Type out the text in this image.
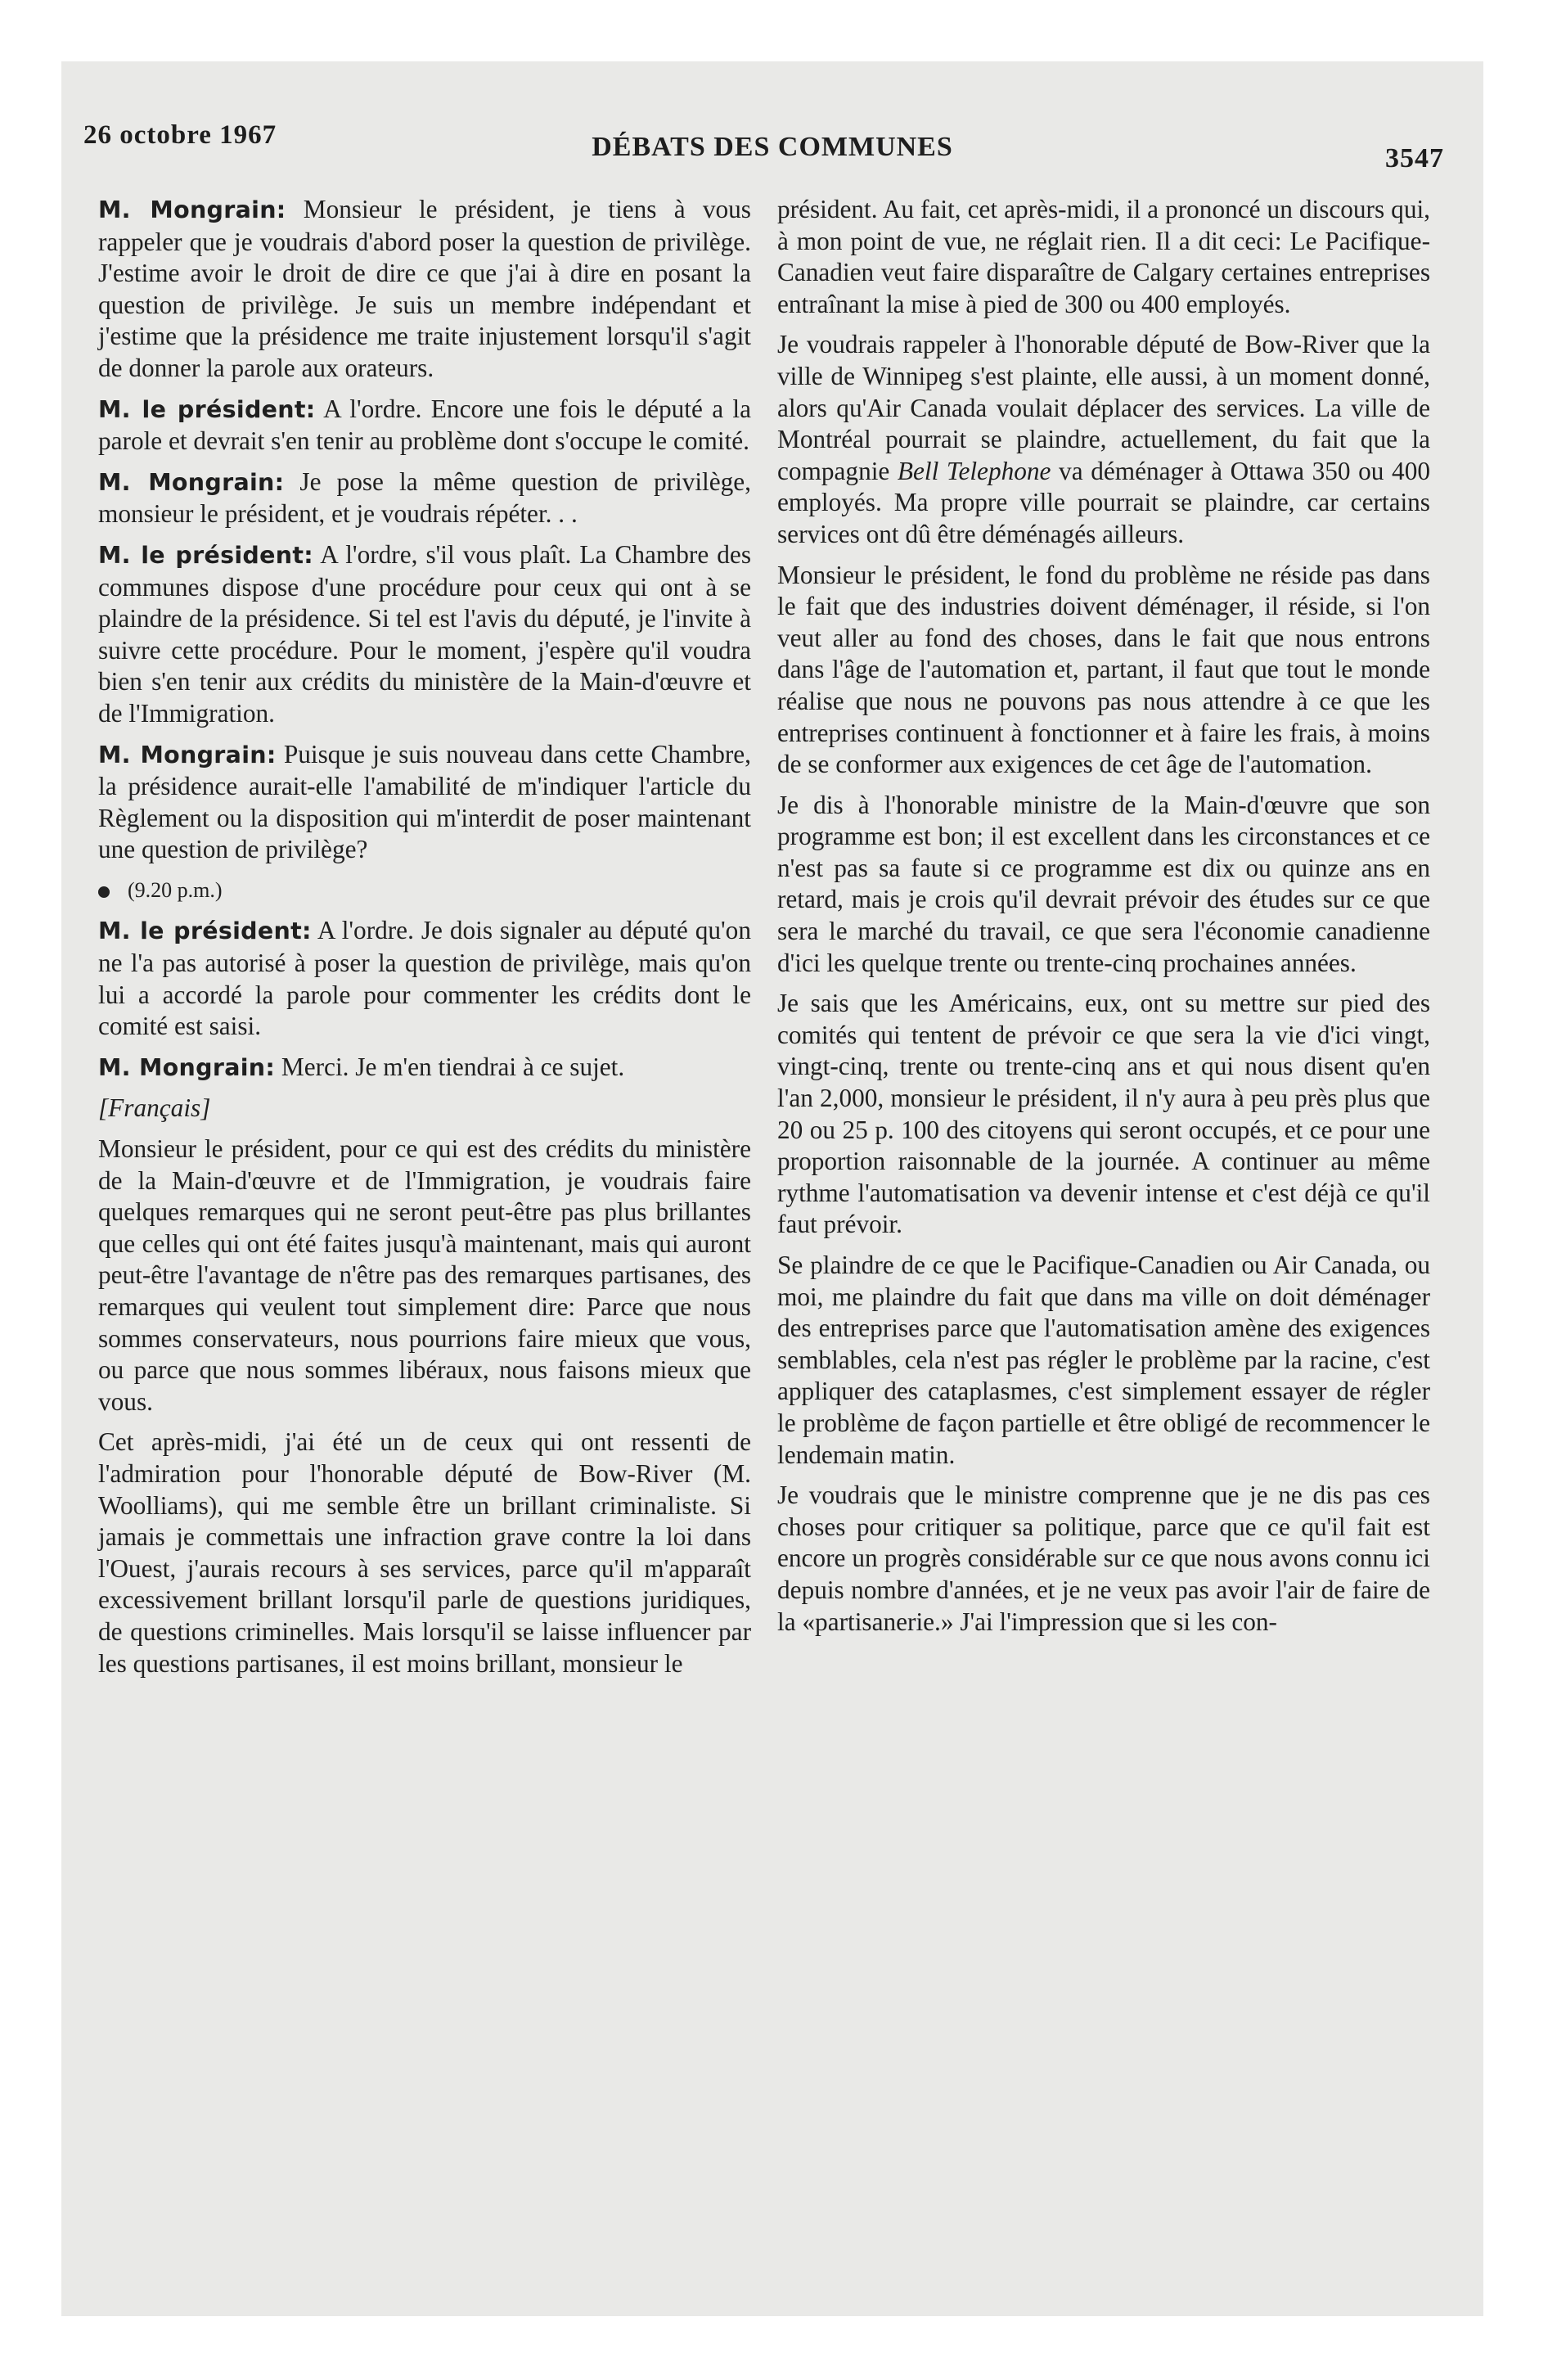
26 octobre 1967	DÉBATS DES COMMUNES	3547

M. Mongrain: Monsieur le président, je tiens à vous rappeler que je voudrais d'abord poser la question de privilège. J'estime avoir le droit de dire ce que j'ai à dire en posant la question de privilège. Je suis un membre indépendant et j'estime que la présidence me traite injustement lorsqu'il s'agit de donner la parole aux orateurs.

M. le président: A l'ordre. Encore une fois le député a la parole et devrait s'en tenir au problème dont s'occupe le comité.

M. Mongrain: Je pose la même question de privilège, monsieur le président, et je voudrais répéter. . .

M. le président: A l'ordre, s'il vous plaît. La Chambre des communes dispose d'une procédure pour ceux qui ont à se plaindre de la présidence. Si tel est l'avis du député, je l'invite à suivre cette procédure. Pour le moment, j'espère qu'il voudra bien s'en tenir aux crédits du ministère de la Main-d'œuvre et de l'Immigration.

M. Mongrain: Puisque je suis nouveau dans cette Chambre, la présidence aurait-elle l'amabilité de m'indiquer l'article du Règlement ou la disposition qui m'interdit de poser maintenant une question de privilège?

(9.20 p.m.)

M. le président: A l'ordre. Je dois signaler au député qu'on ne l'a pas autorisé à poser la question de privilège, mais qu'on lui a accordé la parole pour commenter les crédits dont le comité est saisi.

M. Mongrain: Merci. Je m'en tiendrai à ce sujet.

[Français]

Monsieur le président, pour ce qui est des crédits du ministère de la Main-d'œuvre et de l'Immigration, je voudrais faire quelques remarques qui ne seront peut-être pas plus brillantes que celles qui ont été faites jusqu'à maintenant, mais qui auront peut-être l'avantage de n'être pas des remarques partisanes, des remarques qui veulent tout simplement dire: Parce que nous sommes conservateurs, nous pourrions faire mieux que vous, ou parce que nous sommes libéraux, nous faisons mieux que vous.

Cet après-midi, j'ai été un de ceux qui ont ressenti de l'admiration pour l'honorable député de Bow-River (M. Woolliams), qui me semble être un brillant criminaliste. Si jamais je commettais une infraction grave contre la loi dans l'Ouest, j'aurais recours à ses services, parce qu'il m'apparaît excessivement brillant lorsqu'il parle de questions juridiques, de questions criminelles. Mais lorsqu'il se laisse influencer par les questions partisanes, il est moins brillant, monsieur le

président. Au fait, cet après-midi, il a prononcé un discours qui, à mon point de vue, ne réglait rien. Il a dit ceci: Le Pacifique-Canadien veut faire disparaître de Calgary certaines entreprises entraînant la mise à pied de 300 ou 400 employés.

Je voudrais rappeler à l'honorable député de Bow-River que la ville de Winnipeg s'est plainte, elle aussi, à un moment donné, alors qu'Air Canada voulait déplacer des services. La ville de Montréal pourrait se plaindre, actuellement, du fait que la compagnie Bell Telephone va déménager à Ottawa 350 ou 400 employés. Ma propre ville pourrait se plaindre, car certains services ont dû être déménagés ailleurs.

Monsieur le président, le fond du problème ne réside pas dans le fait que des industries doivent déménager, il réside, si l'on veut aller au fond des choses, dans le fait que nous entrons dans l'âge de l'automation et, partant, il faut que tout le monde réalise que nous ne pouvons pas nous attendre à ce que les entreprises continuent à fonctionner et à faire les frais, à moins de se conformer aux exigences de cet âge de l'automation.

Je dis à l'honorable ministre de la Main-d'œuvre que son programme est bon; il est excellent dans les circonstances et ce n'est pas sa faute si ce programme est dix ou quinze ans en retard, mais je crois qu'il devrait prévoir des études sur ce que sera le marché du travail, ce que sera l'économie canadienne d'ici les quelque trente ou trente-cinq prochaines années.

Je sais que les Américains, eux, ont su mettre sur pied des comités qui tentent de prévoir ce que sera la vie d'ici vingt, vingt-cinq, trente ou trente-cinq ans et qui nous disent qu'en l'an 2,000, monsieur le président, il n'y aura à peu près plus que 20 ou 25 p. 100 des citoyens qui seront occupés, et ce pour une proportion raisonnable de la journée. A continuer au même rythme l'automatisation va devenir intense et c'est déjà ce qu'il faut prévoir.

Se plaindre de ce que le Pacifique-Canadien ou Air Canada, ou moi, me plaindre du fait que dans ma ville on doit déménager des entreprises parce que l'automatisation amène des exigences semblables, cela n'est pas régler le problème par la racine, c'est appliquer des cataplasmes, c'est simplement essayer de régler le problème de façon partielle et être obligé de recommencer le lendemain matin.

Je voudrais que le ministre comprenne que je ne dis pas ces choses pour critiquer sa politique, parce que ce qu'il fait est encore un progrès considérable sur ce que nous avons connu ici depuis nombre d'années, et je ne veux pas avoir l'air de faire de la «partisanerie.» J'ai l'impression que si les con-
